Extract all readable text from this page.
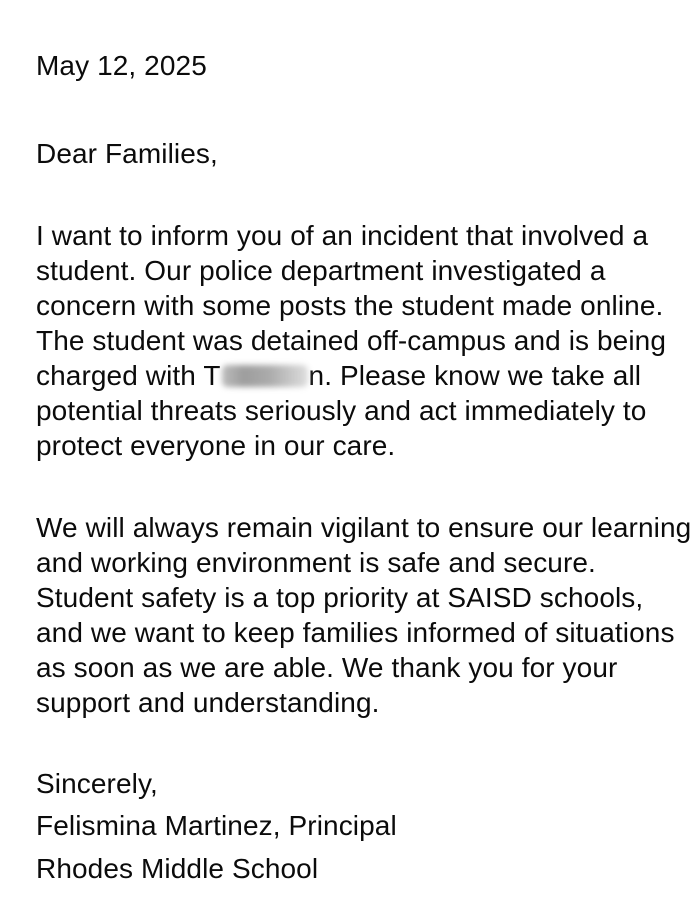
May 12, 2025
Dear Families,
I want to inform you of an incident that involved a
student. Our police department investigated a
concern with some posts the student made online.
The student was detained off-campus and is being
charged with T	n. Please know we take all
potential threats seriously and act immediately to
protect everyone in our care.
We will always remain vigilant to ensure our learning
and working environment is safe and secure.
Student safety is a top priority at SAISD schools,
and we want to keep families informed of situations
as soon as we are able. We thank you for your
support and understanding.
Sincerely,
Felismina Martinez, Principal
Rhodes Middle School
